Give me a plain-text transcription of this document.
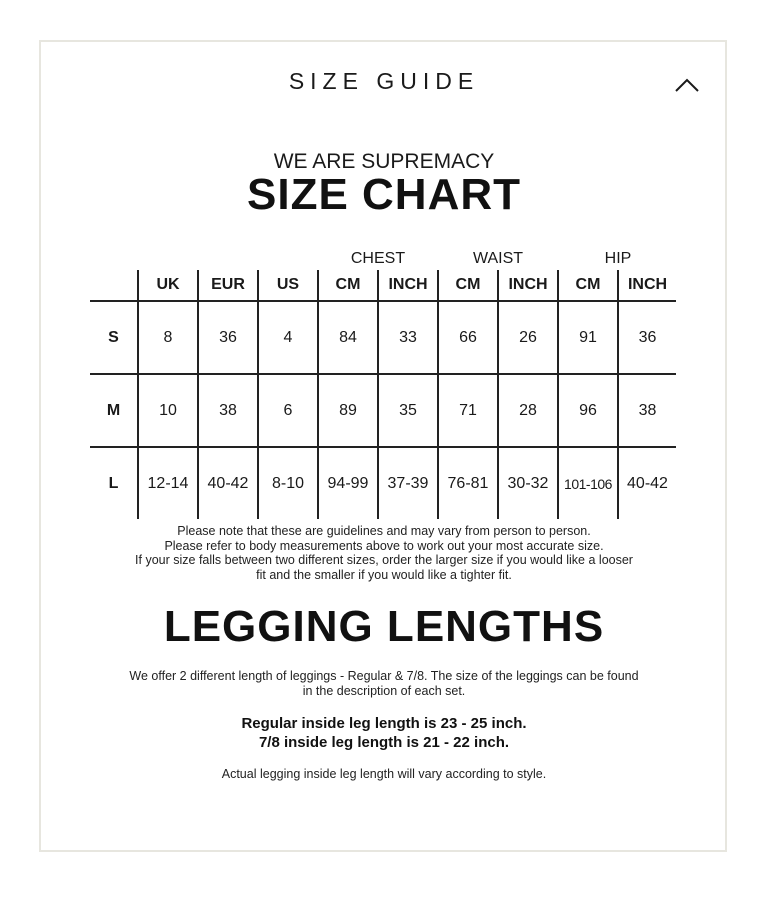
SIZE GUIDE
WE ARE SUPREMACY
SIZE CHART
CHEST	WAIST	HIP
	UK	EUR	US	CM	INCH	CM	INCH	CM	INCH
S	8	36	4	84	33	66	26	91	36
M	10	38	6	89	35	71	28	96	38
L	12-14	40-42	8-10	94-99	37-39	76-81	30-32	101-106	40-42
Please note that these are guidelines and may vary from person to person.
Please refer to body measurements above to work out your most accurate size.
If your size falls between two different sizes, order the larger size if you would like a looser
fit and the smaller if you would like a tighter fit.
LEGGING LENGTHS
We offer 2 different length of leggings - Regular & 7/8. The size of the leggings can be found
in the description of each set.
Regular inside leg length is 23 - 25 inch.
7/8 inside leg length is 21 - 22 inch.
Actual legging inside leg length will vary according to style.
